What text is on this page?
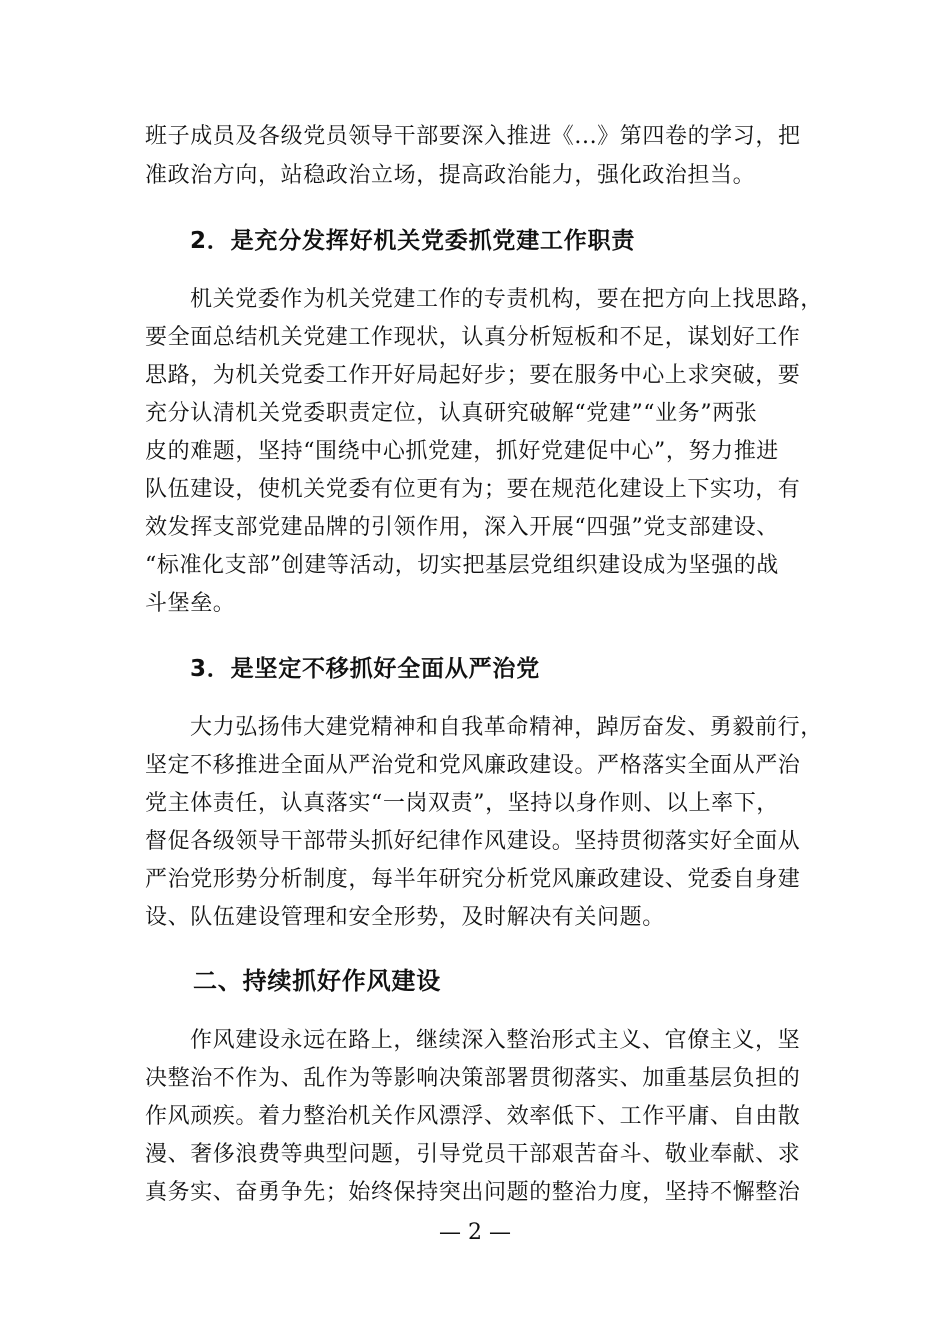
班子成员及各级党员领导干部要深入推进《...》第四卷的学习，把
准政治方向，站稳政治立场，提高政治能力，强化政治担当。
2．是充分发挥好机关党委抓党建工作职责
机关党委作为机关党建工作的专责机构，要在把方向上找思路，
要全面总结机关党建工作现状，认真分析短板和不足，谋划好工作
思路，为机关党委工作开好局起好步；要在服务中心上求突破，要
充分认清机关党委职责定位，认真研究破解“党建”“业务”两张
皮的难题，坚持“围绕中心抓党建，抓好党建促中心”，努力推进
队伍建设，使机关党委有位更有为；要在规范化建设上下实功，有
效发挥支部党建品牌的引领作用，深入开展“四强”党支部建设、
“标准化支部”创建等活动，切实把基层党组织建设成为坚强的战
斗堡垒。
3．是坚定不移抓好全面从严治党
大力弘扬伟大建党精神和自我革命精神，踔厉奋发、勇毅前行，
坚定不移推进全面从严治党和党风廉政建设。严格落实全面从严治
党主体责任，认真落实“一岗双责”，坚持以身作则、以上率下，
督促各级领导干部带头抓好纪律作风建设。坚持贯彻落实好全面从
严治党形势分析制度，每半年研究分析党风廉政建设、党委自身建
设、队伍建设管理和安全形势，及时解决有关问题。
二、持续抓好作风建设
作风建设永远在路上，继续深入整治形式主义、官僚主义，坚
决整治不作为、乱作为等影响决策部署贯彻落实、加重基层负担的
作风顽疾。着力整治机关作风漂浮、效率低下、工作平庸、自由散
漫、奢侈浪费等典型问题，引导党员干部艰苦奋斗、敬业奉献、求
真务实、奋勇争先；始终保持突出问题的整治力度，坚持不懈整治
— 2 —
